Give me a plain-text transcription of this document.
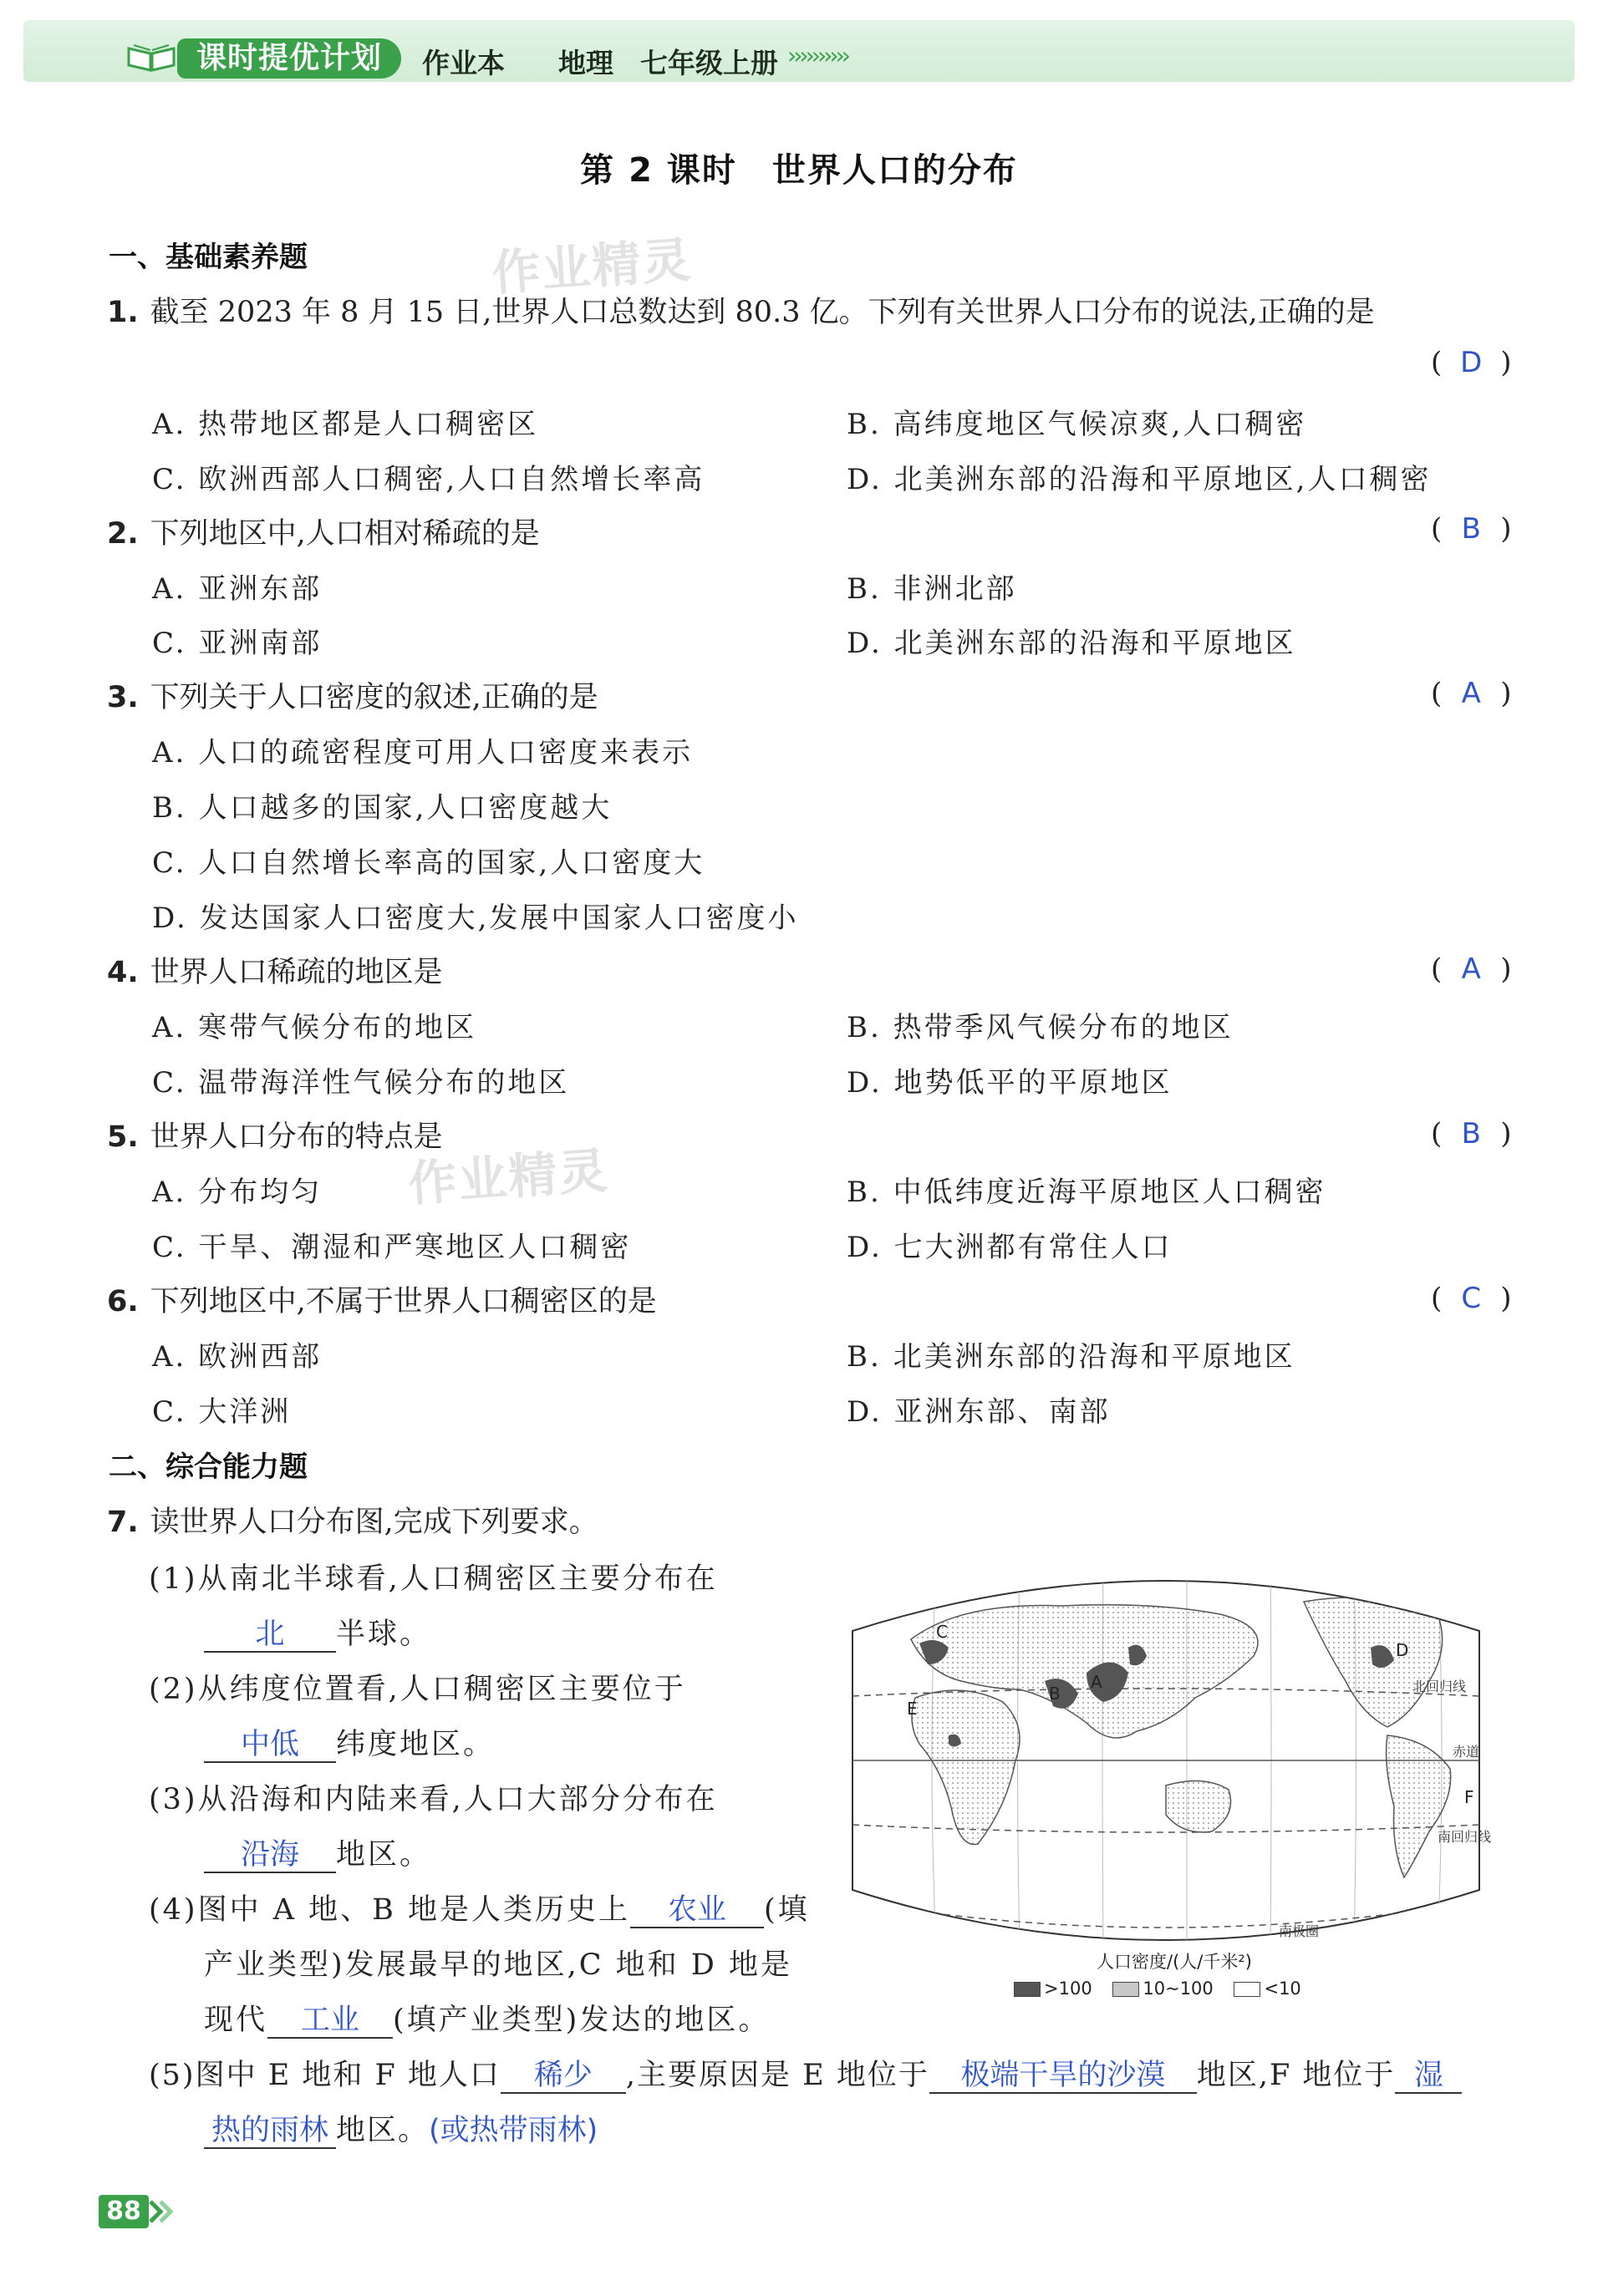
课时提优计划	作业本 地理 七年级上册 ››››››››››
第 2 课时　世界人口的分布
作业精灵
作业精灵
一、基础素养题
1. 截至 2023 年 8 月 15 日,世界人口总数达到 80.3 亿。下列有关世界人口分布的说法,正确的是
( D )
A. 热带地区都是人口稠密区	B. 高纬度地区气候凉爽,人口稠密
C. 欧洲西部人口稠密,人口自然增长率高	D. 北美洲东部的沿海和平原地区,人口稠密
2. 下列地区中,人口相对稀疏的是	( B )
A. 亚洲东部	B. 非洲北部
C. 亚洲南部	D. 北美洲东部的沿海和平原地区
3. 下列关于人口密度的叙述,正确的是	( A )
A. 人口的疏密程度可用人口密度来表示
B. 人口越多的国家,人口密度越大
C. 人口自然增长率高的国家,人口密度大
D. 发达国家人口密度大,发展中国家人口密度小
4. 世界人口稀疏的地区是	( A )
A. 寒带气候分布的地区	B. 热带季风气候分布的地区
C. 温带海洋性气候分布的地区	D. 地势低平的平原地区
5. 世界人口分布的特点是	( B )
A. 分布均匀	B. 中低纬度近海平原地区人口稠密
C. 干旱、潮湿和严寒地区人口稠密	D. 七大洲都有常住人口
6. 下列地区中,不属于世界人口稠密区的是	( C )
A. 欧洲西部	B. 北美洲东部的沿海和平原地区
C. 大洋洲	D. 亚洲东部、南部
二、综合能力题
7. 读世界人口分布图,完成下列要求。
(1)从南北半球看,人口稠密区主要分布在
北 半球。
(2)从纬度位置看,人口稠密区主要位于
中低 纬度地区。
(3)从沿海和内陆来看,人口大部分分布在
沿海 地区。
(4)图中 A 地、B 地是人类历史上 农业 (填
产业类型)发展最早的地区,C 地和 D 地是
现代 工业 (填产业类型)发达的地区。
(5)图中 E 地和 F 地人口 稀少 ,主要原因是 E 地位于 极端干旱的沙漠 地区,F 地位于 湿
热的雨林 地区。(或热带雨林)
A
B
C
D
E
F
北回归线
赤道
南回归线
南极圈
人口密度/(人/千米²)
>100	10~100	<10
88
